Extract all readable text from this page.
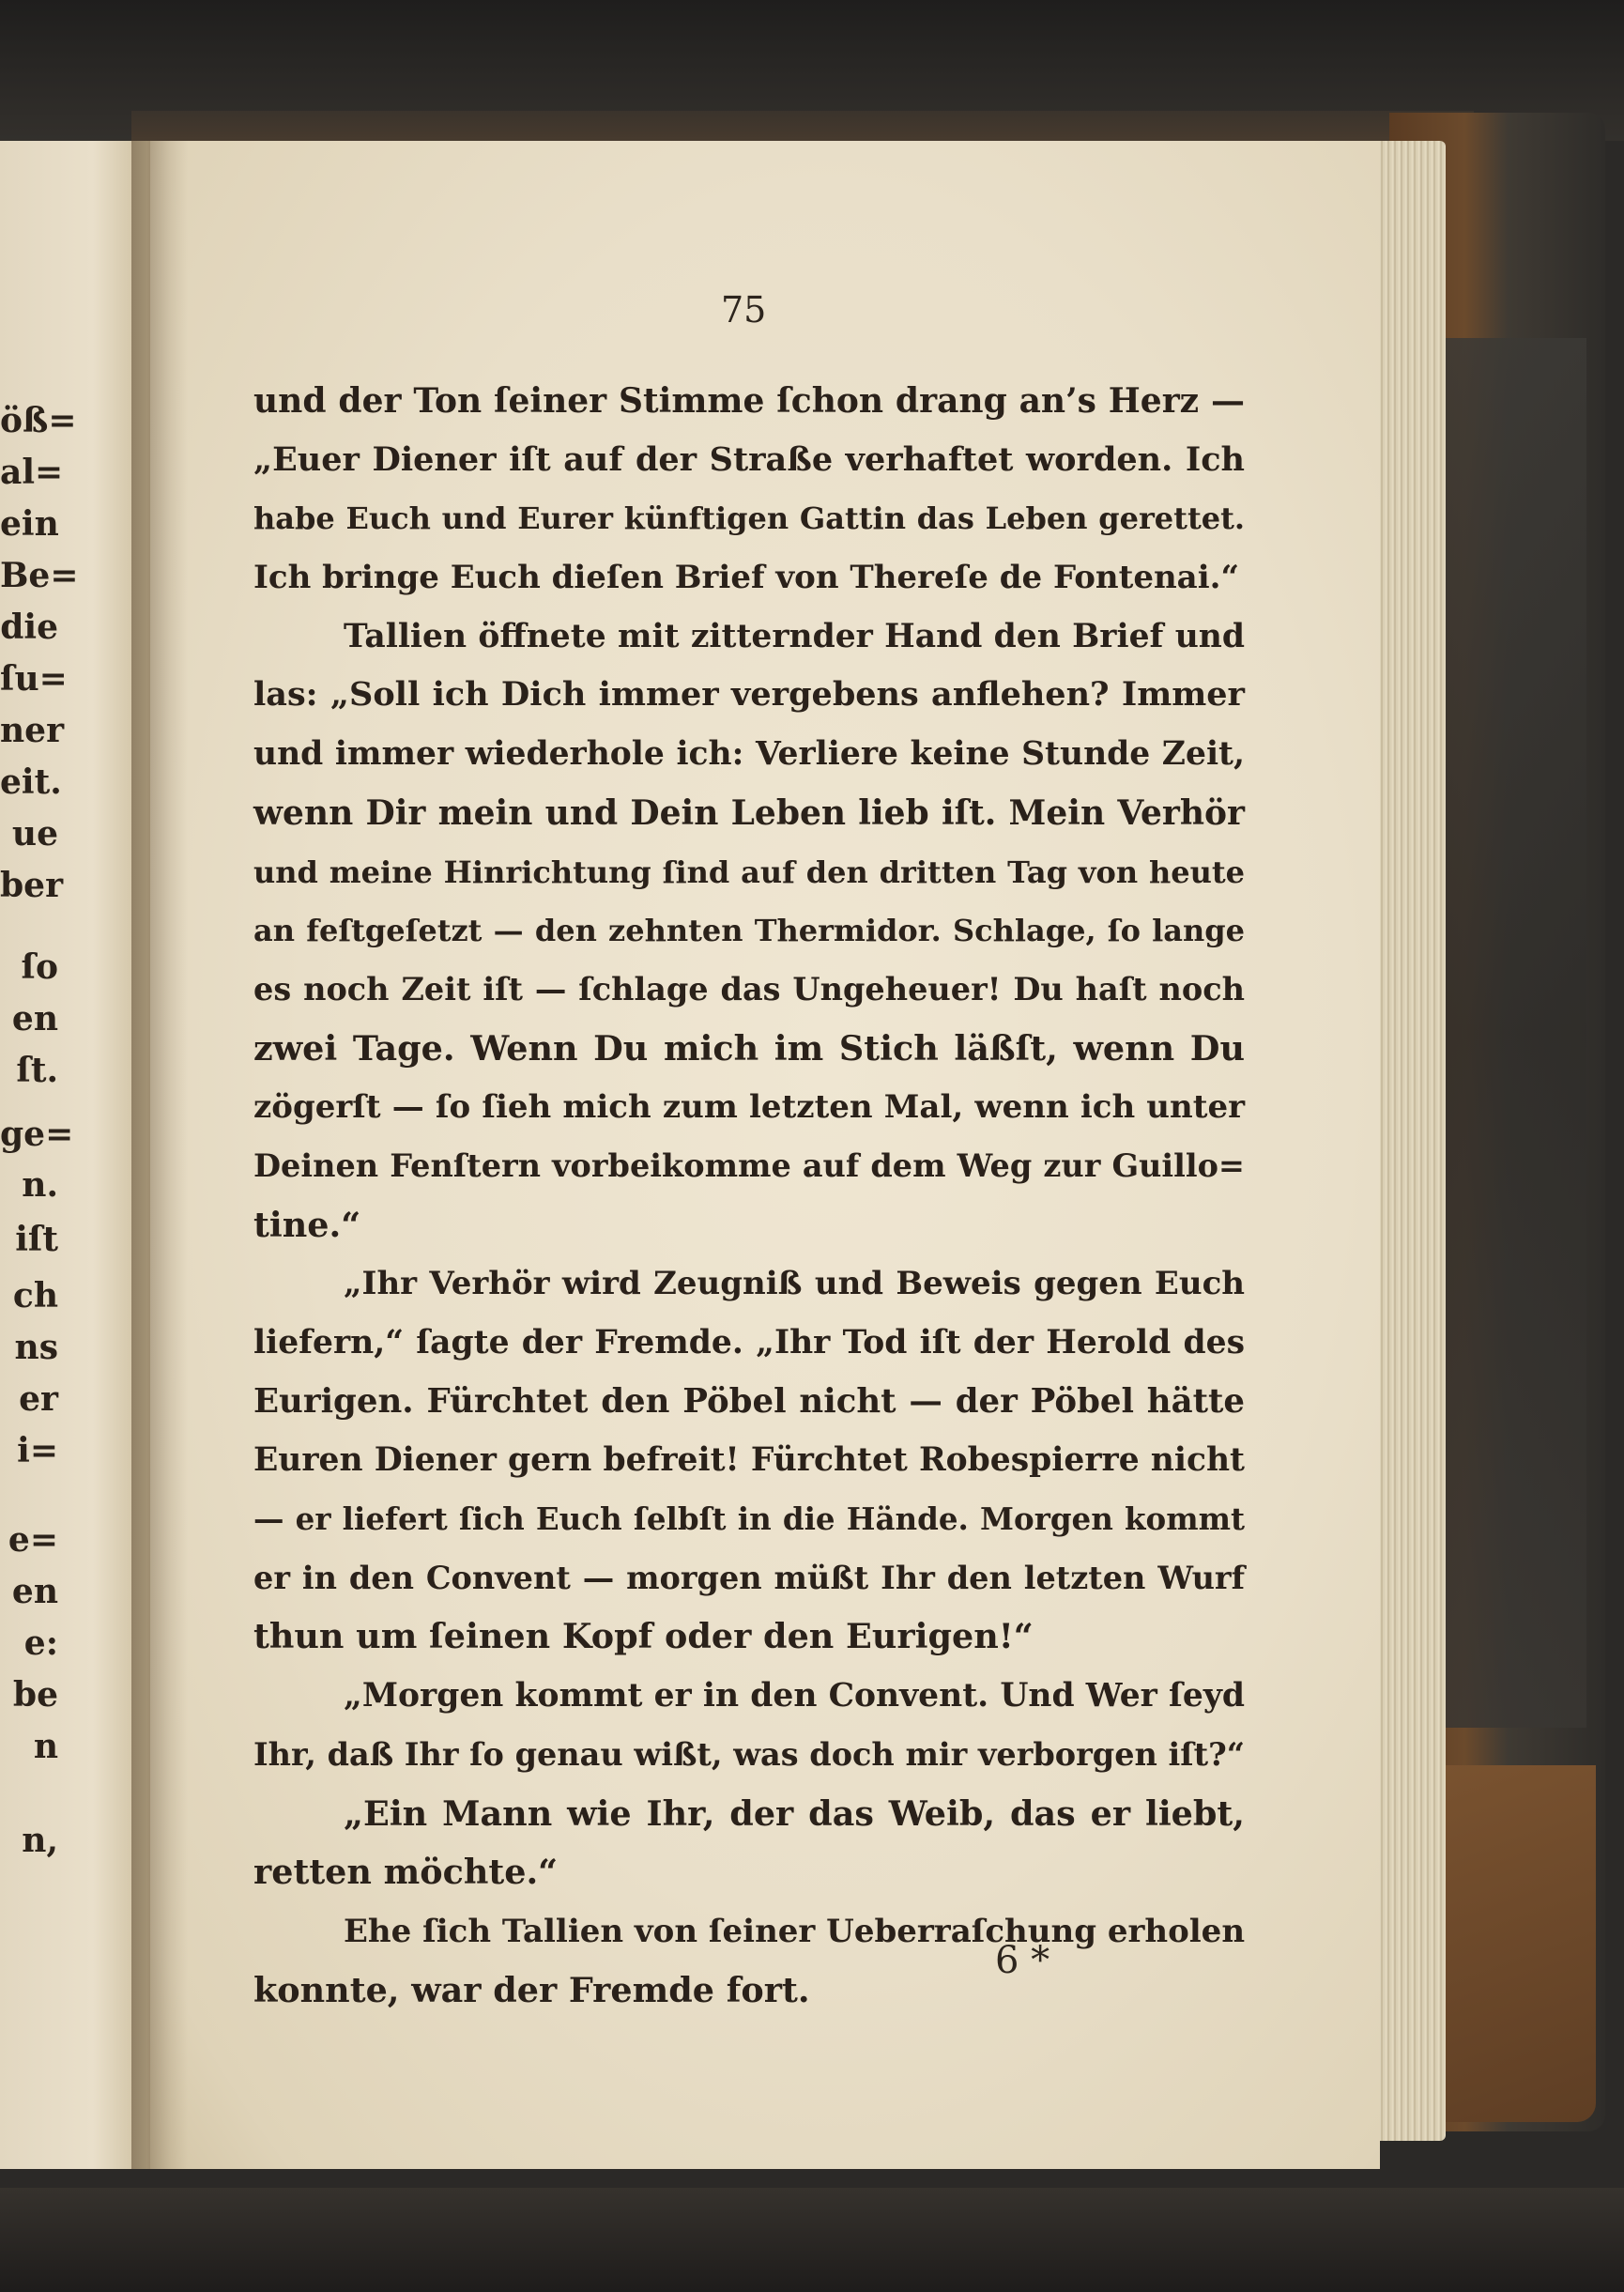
öß=
al=
ein
Be=
die
ſu=
ner
eit.
ue
ber
ſo
en
ſt.
ge=
n.
iſt
ch
ns
er
i=
e=
en
e:
be
n
n,
75
und der Ton ſeiner Stimme ſchon drang an’s Herz —
„Euer Diener iſt auf der Straße verhaftet worden. Ich
habe Euch und Eurer künftigen Gattin das Leben gerettet.
Ich bringe Euch dieſen Brief von Thereſe de Fontenai.“
Tallien öffnete mit zitternder Hand den Brief und
las: „Soll ich Dich immer vergebens anflehen? Immer
und immer wiederhole ich: Verliere keine Stunde Zeit,
wenn Dir mein und Dein Leben lieb iſt. Mein Verhör
und meine Hinrichtung ſind auf den dritten Tag von heute
an feſtgeſetzt — den zehnten Thermidor. Schlage, ſo lange
es noch Zeit iſt — ſchlage das Ungeheuer! Du haſt noch
zwei Tage. Wenn Du mich im Stich läßſt, wenn Du
zögerſt — ſo ſieh mich zum letzten Mal, wenn ich unter
Deinen Fenſtern vorbeikomme auf dem Weg zur Guillo=
tine.“
„Ihr Verhör wird Zeugniß und Beweis gegen Euch
liefern,“ ſagte der Fremde. „Ihr Tod iſt der Herold des
Eurigen. Fürchtet den Pöbel nicht — der Pöbel hätte
Euren Diener gern befreit! Fürchtet Robespierre nicht
— er liefert ſich Euch ſelbſt in die Hände. Morgen kommt
er in den Convent — morgen müßt Ihr den letzten Wurf
thun um ſeinen Kopf oder den Eurigen!“
„Morgen kommt er in den Convent. Und Wer ſeyd
Ihr, daß Ihr ſo genau wißt, was doch mir verborgen iſt?“
„Ein Mann wie Ihr, der das Weib, das er liebt,
retten möchte.“
Ehe ſich Tallien von ſeiner Ueberraſchung erholen
konnte, war der Fremde fort.
6 *
